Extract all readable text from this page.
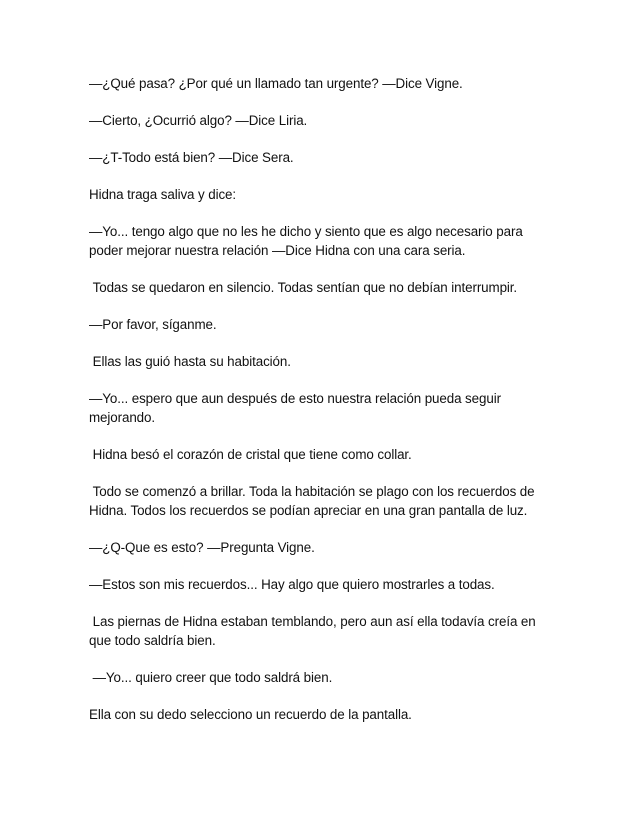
—¿Qué pasa? ¿Por qué un llamado tan urgente? —Dice Vigne.

—Cierto, ¿Ocurrió algo? —Dice Liria.

—¿T-Todo está bien? —Dice Sera.

Hidna traga saliva y dice:

—Yo... tengo algo que no les he dicho y siento que es algo necesario para poder mejorar nuestra relación —Dice Hidna con una cara seria.

Todas se quedaron en silencio. Todas sentían que no debían interrumpir.

—Por favor, síganme.

Ellas las guió hasta su habitación.

—Yo... espero que aun después de esto nuestra relación pueda seguir mejorando.

Hidna besó el corazón de cristal que tiene como collar.

Todo se comenzó a brillar. Toda la habitación se plago con los recuerdos de Hidna. Todos los recuerdos se podían apreciar en una gran pantalla de luz.

—¿Q-Que es esto? —Pregunta Vigne.

—Estos son mis recuerdos... Hay algo que quiero mostrarles a todas.

Las piernas de Hidna estaban temblando, pero aun así ella todavía creía en que todo saldría bien.

—Yo... quiero creer que todo saldrá bien.

Ella con su dedo selecciono un recuerdo de la pantalla.
